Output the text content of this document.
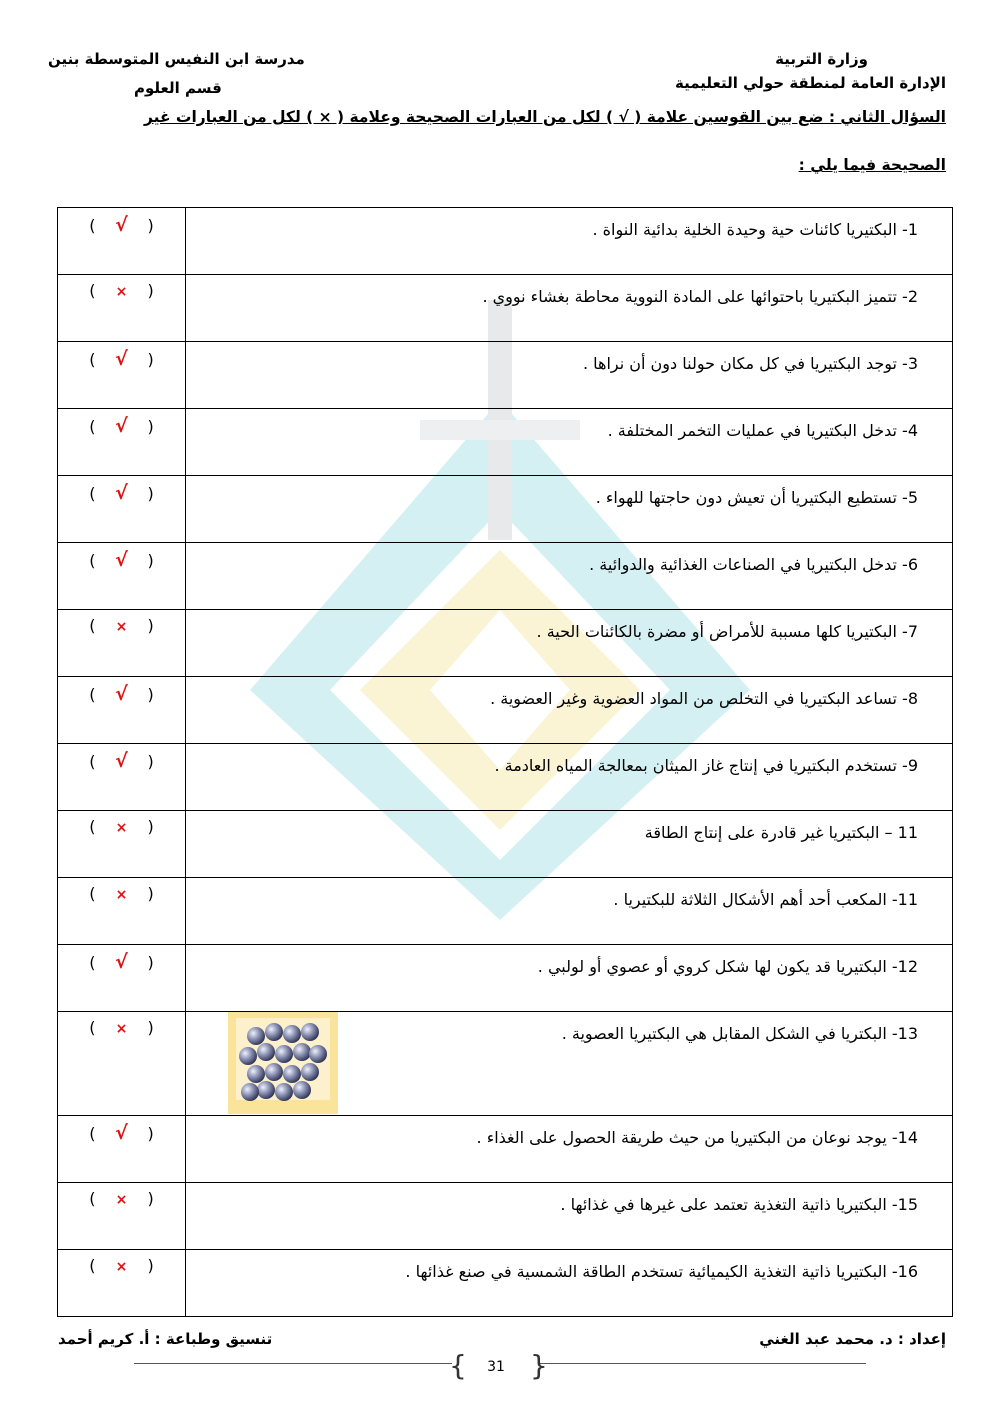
وزارة التربية
الإدارة العامة لمنطقة حولي التعليمية
مدرسة ابن النفيس المتوسطة بنين
قسم العلوم
السؤال الثاني : ضع بين القوسين علامة ( √ ) لكل من العبارات الصحيحة وعلامة ( × ) لكل من العبارات غير
الصحيحة فيما يلي :
( √ )	1- البكتيريا كائنات حية وحيدة الخلية بدائية النواة .
( × )	2- تتميز البكتيريا باحتوائها على المادة النووية محاطة بغشاء نووي .
( √ )	3- توجد البكتيريا في كل مكان حولنا دون أن نراها .
( √ )	4- تدخل البكتيريا في عمليات التخمر المختلفة .
( √ )	5- تستطيع البكتيريا أن تعيش دون حاجتها للهواء .
( √ )	6- تدخل البكتيريا في الصناعات الغذائية والدوائية .
( × )	7- البكتيريا كلها مسببة للأمراض أو مضرة بالكائنات الحية .
( √ )	8- تساعد البكتيريا في التخلص من المواد العضوية وغير العضوية .
( √ )	9- تستخدم البكتيريا في إنتاج غاز الميثان بمعالجة المياه العادمة .
( × )	11 – البكتيريا غير قادرة على إنتاج الطاقة
( × )	11- المكعب أحد أهم الأشكال الثلاثة للبكتيريا .
( √ )	12- البكتيريا قد يكون لها شكل كروي أو عصوي أو لولبي .
( × )	13- البكتريا في الشكل المقابل هي البكتيريا العصوية .

( √ )	14- يوجد نوعان من البكتيريا من حيث طريقة الحصول على الغذاء .
( × )	15- البكتيريا ذاتية التغذية تعتمد على غيرها في غذائها .
( × )	16- البكتيريا ذاتية التغذية الكيميائية تستخدم الطاقة الشمسية في صنع غذائها .
إعداد : د. محمد عبد الغني
تنسيق وطباعة : أ. كريم أحمد
{ }
31
